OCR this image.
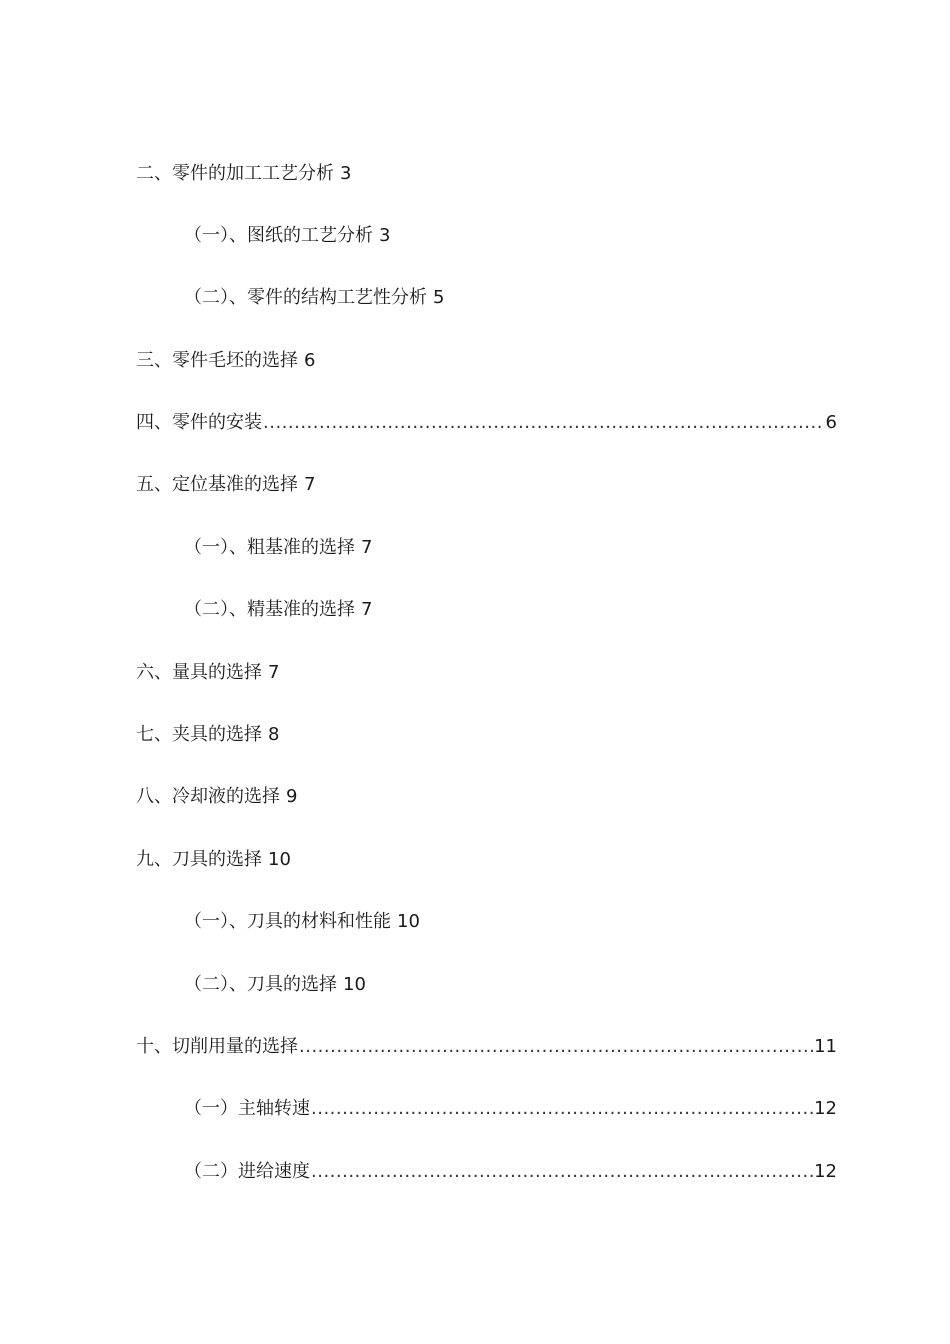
二、零件的加工工艺分析 3
（一）、图纸的工艺分析 3
（二）、零件的结构工艺性分析 5
三、零件毛坯的选择 6
四、零件的安装 .....	6
五、定位基准的选择 7
（一）、粗基准的选择 7
（二）、精基准的选择 7
六、量具的选择 7
七、夹具的选择 8
八、冷却液的选择 9
九、刀具的选择 10
（一）、刀具的材料和性能 10
（二）、刀具的选择 10
十、切削用量的选择 .....	11
（一）主轴转速 .....	12
（二）进给速度 .....	12
